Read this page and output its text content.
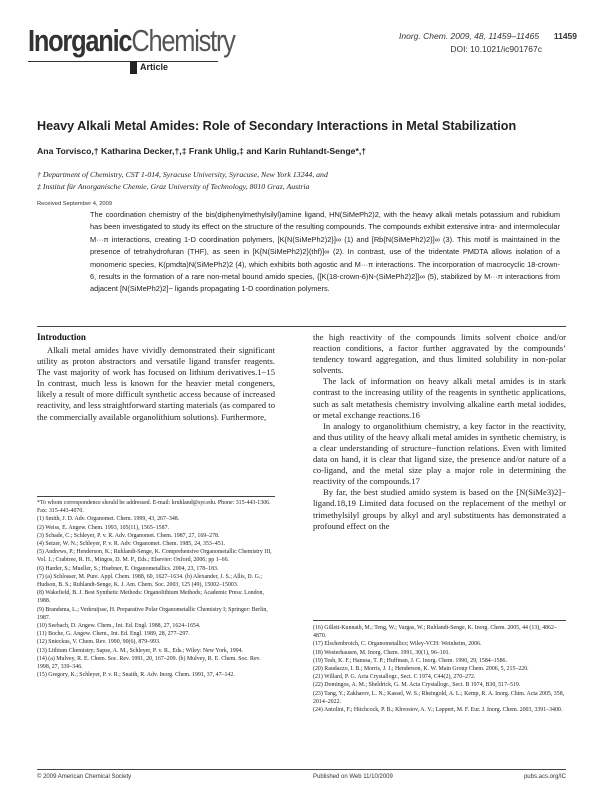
InorganicChemistry
Article
Inorg. Chem. 2009, 48, 11459–11465 11459
DOI: 10.1021/ic901767c
Heavy Alkali Metal Amides: Role of Secondary Interactions in Metal Stabilization
Ana Torvisco,† Katharina Decker,†,‡ Frank Uhlig,‡ and Karin Ruhlandt-Senge*,†
† Department of Chemistry, CST 1-014, Syracuse University, Syracuse, New York 13244, and
‡ Institut für Anorganische Chemie, Graz University of Technology, 8010 Graz, Austria
Received September 4, 2009
The coordination chemistry of the bis(diphenylmethylsilyl)amine ligand, HN(SiMePh2)2, with the heavy alkali metals potassium and rubidium has been investigated to study its effect on the structure of the resulting compounds. The compounds exhibit extensive intra- and intermolecular M···π interactions, creating 1-D coordination polymers, [K{N(SiMePh2)2}]∞ (1) and [Rb{N(SiMePh2)2}]∞ (3). This motif is maintained in the presence of tetrahydrofuran (THF), as seen in [K{N(SiMePh2)2}(thf)]∞ (2). In contrast, use of the tridentate PMDTA allows isolation of a monomeric species, K(pmdta)N(SiMePh2)2 (4), which exhibits both agostic and M···π interactions. The incorporation of macrocyclic 18-crown-6, results in the formation of a rare non-metal bound amido species, {[K(18-crown-6)N-(SiMePh2)2]}∞ (5), stabilized by M···π interactions from adjacent [N(SiMePh2)2]− ligands propagating 1-D coordination polymers.
Introduction

Alkali metal amides have vividly demonstrated their significant utility as proton abstractors and versatile ligand transfer reagents. The vast majority of work has focused on lithium derivatives.1−15 In contrast, much less is known for the heavier metal congeners, likely a result of more difficult synthetic access because of increased reactivity, and less straightforward starting materials (as compared to the commercially available organolithium solutions). Furthermore,

*To whom correspondence should be addressed. E-mail: kruhland@syr.edu. Phone: 315-443-1306. Fax: 315-443-4070.

(1) Smith, J. D. Adv. Organomet. Chem. 1999, 43, 267–348.

(2) Weiss, E. Angew. Chem. 1993, 105(11), 1565–1587.

(3) Schade, C.; Schleyer, P. v. R. Adv. Organomet. Chem. 1987, 27, 169–278.

(4) Setzer, W. N.; Schleyer, P. v. R. Adv. Organomet. Chem. 1985, 24, 353–451.

(5) Andrews, P.; Henderson, K.; Ruhlandt-Senge, K. Comprehensive Organometallic Chemistry III, Vol. 1.; Crabtree, R. H., Mingos, D. M. P., Eds.; Elsevier: Oxford, 2006; pp 1–66.

(6) Harder, S.; Mueller, S.; Huebner, E. Organometallics. 2004, 23, 178–183.

(7) (a) Schlosser, M. Pure. Appl. Chem. 1988, 60, 1627–1634. (b) Alexander, J. S.; Allis, D. G.; Hudson, B. S.; Ruhlandt-Senge, K. J. Am. Chem. Soc. 2003, 125 (49), 15002–15003.

(8) Wakefield, B. J. Best Synthetic Methods: Organolithium Methods; Academic Press: London, 1988.

(9) Brandsma, L.; Verkruijsse, H. Preparative Polar Organometallic Chemistry I; Springer: Berlin, 1987.

(10) Seebach, D. Angew. Chem., Int. Ed. Engl. 1988, 27, 1624–1654.

(11) Boche, G. Angew. Chem., Int. Ed. Engl. 1989, 28, 277–297.

(12) Snieckus, V. Chem. Rev. 1990, 90(6), 879–993.

(13) Lithium Chemistry; Sapse, A. M., Schleyer, P. v. R., Eds.; Wiley: New York, 1994.

(14) (a) Mulvey, R. E. Chem. Soc. Rev. 1991, 20, 167–209. (b) Mulvey, R. E. Chem. Soc. Rev. 1998, 27, 339–346.

(15) Gregory, K.; Schleyer, P. v. R.; Snaith, R. Adv. Inorg. Chem. 1991, 37, 47–142.

the high reactivity of the compounds limits solvent choice and/or reaction conditions, a factor further aggravated by the compounds’ tendency toward aggregation, and thus limited solubility in non-polar solvents.

The lack of information on heavy alkali metal amides is in stark contrast to the increasing utility of the reagents in synthetic applications, such as salt metathesis chemistry involving alkaline earth metal iodides, or metal exchange reactions.16

In analogy to organolithium chemistry, a key factor in the reactivity, and thus utility of the heavy alkali metal amides in synthetic chemistry, is a clear understanding of structure−function relations. Even with limited data on hand, it is clear that ligand size, the presence and/or nature of a co-ligand, and the metal size play a major role in determining the reactivity of the compounds.17

By far, the best studied amido system is based on the [N(SiMe3)2]− ligand.18,19 Limited data focused on the replacement of the methyl or trimethylsilyl groups by alkyl and aryl substituents has demonstrated a profound effect on the

(16) Gillett-Kunnath, M.; Teng, W.; Vargas, W.; Ruhlandt-Senge, K. Inorg. Chem. 2005, 44 (13), 4862–4870.

(17) Elschenbroich, C. Organometallics; Wiley-VCH: Weinheim, 2006.

(18) Westerhausen, M. Inorg. Chem. 1991, 30(1), 96–101.

(19) Tesh, K. F.; Hanusa, T. P.; Huffman, J. C. Inorg. Chem. 1990, 29, 1584–1586.

(20) Raudazzo, I. B.; Morris, J. J.; Henderson, K. W. Main Group Chem. 2006, 5, 215–220.

(21) Willard, P. G. Acta Crystallogr., Sect. C 1974, C44(2), 270–272.

(22) Domingos, A. M.; Sheldrick, G. M. Acta Crystallogr., Sect. B 1974, B30, 517–519.

(23) Tang, Y.; Zakharov, L. N.; Kassel, W. S.; Rheingold, A. L.; Kemp, R. A. Inorg. Chim. Acta 2005, 358, 2014–2022.

(24) Antolini, F.; Hitchcock, P. B.; Khvostov, A. V.; Lappert, M. F. Eur. J. Inorg. Chem. 2003, 3391–3400.

© 2009 American Chemical Society	Published on Web 11/10/2009	pubs.acs.org/IC
